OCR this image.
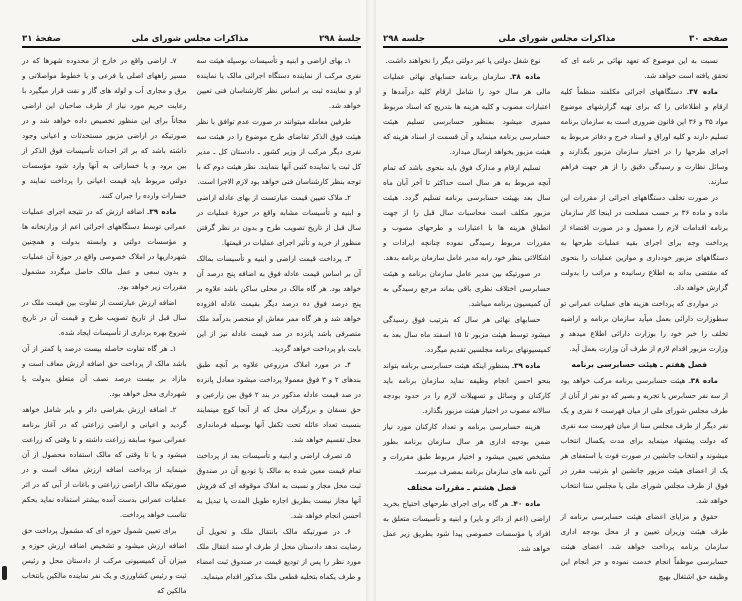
جلسهٔ ۲۹۸
مذاکرات مجلس شورای ملی
صفحهٔ ۳۱

۱ـ بهای اراضی و ابنیه و تأسیسات بوسیله هیئت سه نفری مرکب از نماینده دستگاه اجرائی مالک یا نماینده او و نماینده ثبت بر اساس نظر کارشناسان فنی تعیین خواهد شد.

طرفین معامله میتوانند در صورت عدم توافق با نظر هیئت فوق الذکر تقاضای طرح موضوع را در هیئت سه نفری دیگر مرکب از وزیر کشور ـ دادستان کل ـ مدیر کل ثبت یا نماینده کتبی آنها بنمایند. نظر هیئت دوم که با توجه بنظر کارشناسان فنی خواهد بود لازم الاجرا است.

۲ـ ملاک تعیین قیمت عبارتست از بهای عادله اراضی و ابنیه و تأسیسات مشابه واقع در حوزهٔ عملیات در سال قبل از تاریخ تصویب طرح و بدون در نظر گرفتن منظور از خرید و تأثیر اجرای عملیات در قیمتها.

۳ـ پرداخت قیمت اراضی و ابنیه و تأسیسات بمالک آن بر اساس قیمت عادله فوق به اضافه پنج درصد آن خواهد بود. هر گاه مالک در محلی ساکن باشد علاوه بر پنج درصد فوق ده درصد دیگر بقیمت عادله افزوده خواهد شد و هر گاه ممر معاش او منحصر بدرآمد ملک متصرفی باشد پانزده در صد قیمت عادله نیز از این بابت باو پرداخت خواهد گردید.

۴ـ در مورد املاک مزروعی علاوه بر آنچه طبق بندهای ۲ و ۳ فوق معمولا پرداخت میشود معادل پانزده در صد قیمت عادله مذکور در بند ۲ فوق بین زارعین و حق نسقان و برزگران محل که از آنجا کوچ مینمایند بنسبت تعداد عائله تحت تکفل آنها بوسیله فرمانداری محل تقسیم خواهد شد.

۵ـ تصرف اراضی و ابنیه و تأسیسات بعد از پرداخت تمام قیمت معین شده به مالک یا تودیع آن در صندوق ثبت محل مجاز و نسبت به املاک موقوفه ای که فروش آنها مجاز نیست بطریق اجاره طویل المدت یا تبدیل به احسن انجام خواهد شد.

۶ـ در صورتیکه مالک بانتقال ملک و تحویل آن رضایت ندهد دادستان محل از طرف او سند انتقال ملک مورد نظر را پس از تودیع قیمت در صندوق ثبت امضاء و طرف یکماه بتخلیه قطعی ملک مذکور اقدام مینماید.

۷ـ اراضی واقع در خارج از محدوده شهرها که در مسیر راههای اصلی یا فرعی و یا خطوط مواصلاتی و برق و مجاری آب و لوله های گاز و نفت قرار میگیرد با رعایت حریم مورد نیاز از طرف صاحبان این اراضی مجاناً برای این منظور تخصیص داده خواهد شد و در صورتیکه در اراضی مزبور مستحدثات و اعیانی وجود داشته باشد که بر اثر احداث تأسیسات فوق الذکر از بین برود و یا خساراتی به آنها وارد شود مؤسسات دولتی مربوط باید قیمت اعیانی را پرداخت نمایند و خسارات وارده را جبران کنند.

ماده ۳۹ـ اضافه ارزش که در نتیجه اجرای عملیات عمرانی توسط دستگاههای اجرائی اعم از وزارتخانه ها و مؤسسات دولتی و وابسته بدولت و همچنین شهرداریها در املاک خصوصی واقع در حوزهٔ آن عملیات و بدون سعی و عمل مالک حاصل میگردد مشمول مقررات زیر خواهد بود.

اضافه ارزش عبارتست از تفاوت بین قیمت ملک در سال قبل از تاریخ تصویب طرح و قیمت آن در تاریخ شروع بهره برداری از تأسیسات ایجاد شده.

۱ـ هر گاه تفاوت حاصله بیست درصد یا کمتر از آن باشد مالک از پرداخت حق اضافه ارزش معاف است و مازاد بر بیست درصد نصف آن متعلق بدولت یا شهرداری محل خواهد بود.

۲ـ اضافه ارزش بقراضی دائر و بایر شامل خواهد گردید و اعیانی و اراضی زراعتی که در آغاز برنامه عمرانی سوء سابقه زراعت داشته و تا وقتی که زراعت میشود و یا تا وقتی که مالک استفاده محصول از آن مینماید از پرداخت اضافه ارزش معاف است و در صورتیکه مالک اراضی زراعتی و باغات از آبی که در اثر عملیات عمرانی بدست آمده بیشتر استفاده نماید بحکم تناسب خواهد پرداخت.

برای تعیین شمول حوزه ای که مشمول پرداخت حق اضافه ارزش میشود و تشخیص اضافه ارزش حوزه و میزان آن کمیسیونی مرکب از دادستان محل و رئیس ثبت و رئیس کشاورزی و یک نفر نماینده مالکین بانتخاب مالکین که

صفحه ۳۰
مذاکرات مجلس شورای ملی
جلسه ۲۹۸

نسبت به این موضوع که تعهد نهائی بر نامه ای که تحقق یافته است خواهد شد.

ماده ۳۷ـ دستگاههای اجرائی مکلفند منظماً کلیه ارقام و اطلاعاتی را که برای تهیه گزارشهای موضوع مواد ۳۵ و ۳۶ این قانون ضروری است به سازمان برنامه تسلیم دارند و کلیه اوراق و اسناد خرج و دفاتر مربوط به اجرای طرحها را در اختیار سازمان مزبور بگذارند و وسائل نظارت و رسیدگی دقیق را از هر جهت فراهم سازند.

در صورت تخلف دستگاههای اجرائی از مقررات این ماده و ماده ۳۶ بر حسب مصلحت در اینجا کار سازمان برنامه اقدامات لازم را معمول و در صورت اقتضاء از پرداخت وجه برای اجرای بقیه عملیات طرحها به دستگاههای مزبور خودداری و موازین عملیات را بنحوی که مقتضی بداند به اطلاع رسانیده و مراتب را بدولت گزارش خواهد داد.

در مواردی که پرداخت هزینه های عملیات عمرانی تو سطوزارت دارائی بعمل میآید سازمان برنامه و اراضیه تخلف را خبر خود را بوزارت دارائی اطلاع میدهد و وزارت مزبور اقدام لازم از طرف آن وزارت بعمل آید.

فصل هفتم ـ هیئت حسابرسی برنامه

ماده ۳۸ـ هیئت حسابرسی برنامه مرکب خواهد بود از سه نفر حسابرس با تجربه و بصیر که دو نفر از آنان از طرف مجلس شورای ملی از میان فهرست ۶ نفری و یک نفر دیگر از طرف مجلس سنا از میان فهرست سه نفری که دولت پیشنهاد مینماید برای مدت یکسال انتخاب میشوند و انتخاب جانشین در صورت فوت یا استعفای هر یک از اعضای هیئت مزبور جانشین او بترتیب مقرر در فوق از طرف مجلس شورای ملی یا مجلس سنا انتخاب خواهد شد.

حقوق و مزایای اعضای هیئت حسابرسی برنامه از طرف هیئت وزیران تعیین و از محل بودجه اداری سازمان برنامه پرداخت خواهد شد. اعضای هیئت حسابرسی موظفاً انجام خدمت نموده و جز انجام این وظیفه حق اشتغال بهیچ

نوع شغل دولتی یا غیر دولتی دیگر را نخواهند داشت.

ماده ۳۸ـ سازمان برنامه حسابهای نهائی عملیات مالی هر سال خود را شامل ارقام کلیه درآمدها و اعتبارات مصوب و کلیه هزینه ها بتدریج که اسناد مربوط ممیزی میشود بمنظور حسابرسی تسلیم هیئت حسابرسی برنامه مینماید و آن قسمت از اسناد هزینه که هیئت مزبور بخواهد ارسال میدارد.

تسلیم ارقام و مدارک فوق باید بنحوی باشد که تمام آنچه مربوط به هر سال است حداکثر تا آخر آبان ماه سال بعد بهیئت حسابرسی برنامه تسلیم گردد. هیئت مزبور مکلف است محاسبات سال قبل را از جهت انطباق هزینه ها با اعتبارات و طرحهای مصوب و مقررات مربوط رسیدگی نموده چنانچه ایرادات و اشکالاتی بنظر خود رابه مدیر عامل سازمان برنامه بدهد.

در صورتیکه بین مدیر عامل سازمان برنامه و هیئت حسابرسی اختلاف نظری باقی بماند مرجع رسیدگی به آن کمیسیون برنامه میباشد.

حسابهای نهائی هر سال که بترتیب فوق رسیدگی میشود توسط هیئت مزبور تا ۱۵ اسفند ماه سال بعد به کمیسیونهای برنامه مجلسین تقدیم میگردد.

ماده ۳۹ـ بمنظور اینکه هیئت حسابرسی برنامه بتواند بنحو احسن انجام وظیفه نماید سازمان برنامه باید کارکنان و وسائل و تسهیلات لازم را در حدود بودجه سالانه مصوب در اختیار هیئت مزبور بگذارد.

هزینه حسابرسی برنامه و تعداد کارکنان مورد نیاز ضمن بودجه اداری هر سال سازمان برنامه بطور مشخص تعیین میشود و اختیار مربوط طبق مقررات و آئین نامه های سازمان برنامه بمصرف میرسد.

فصل هشتم ـ مقررات مختلف

ماده ۴۰ـ هر گاه برای اجرای طرحهای احتیاج بخرید اراضی (اعم از دائر و بایر) و ابنیه و تأسیسات متعلق به افراد یا مؤسسات خصوصی پیدا شود بطریق زیر عمل خواهد شد.
